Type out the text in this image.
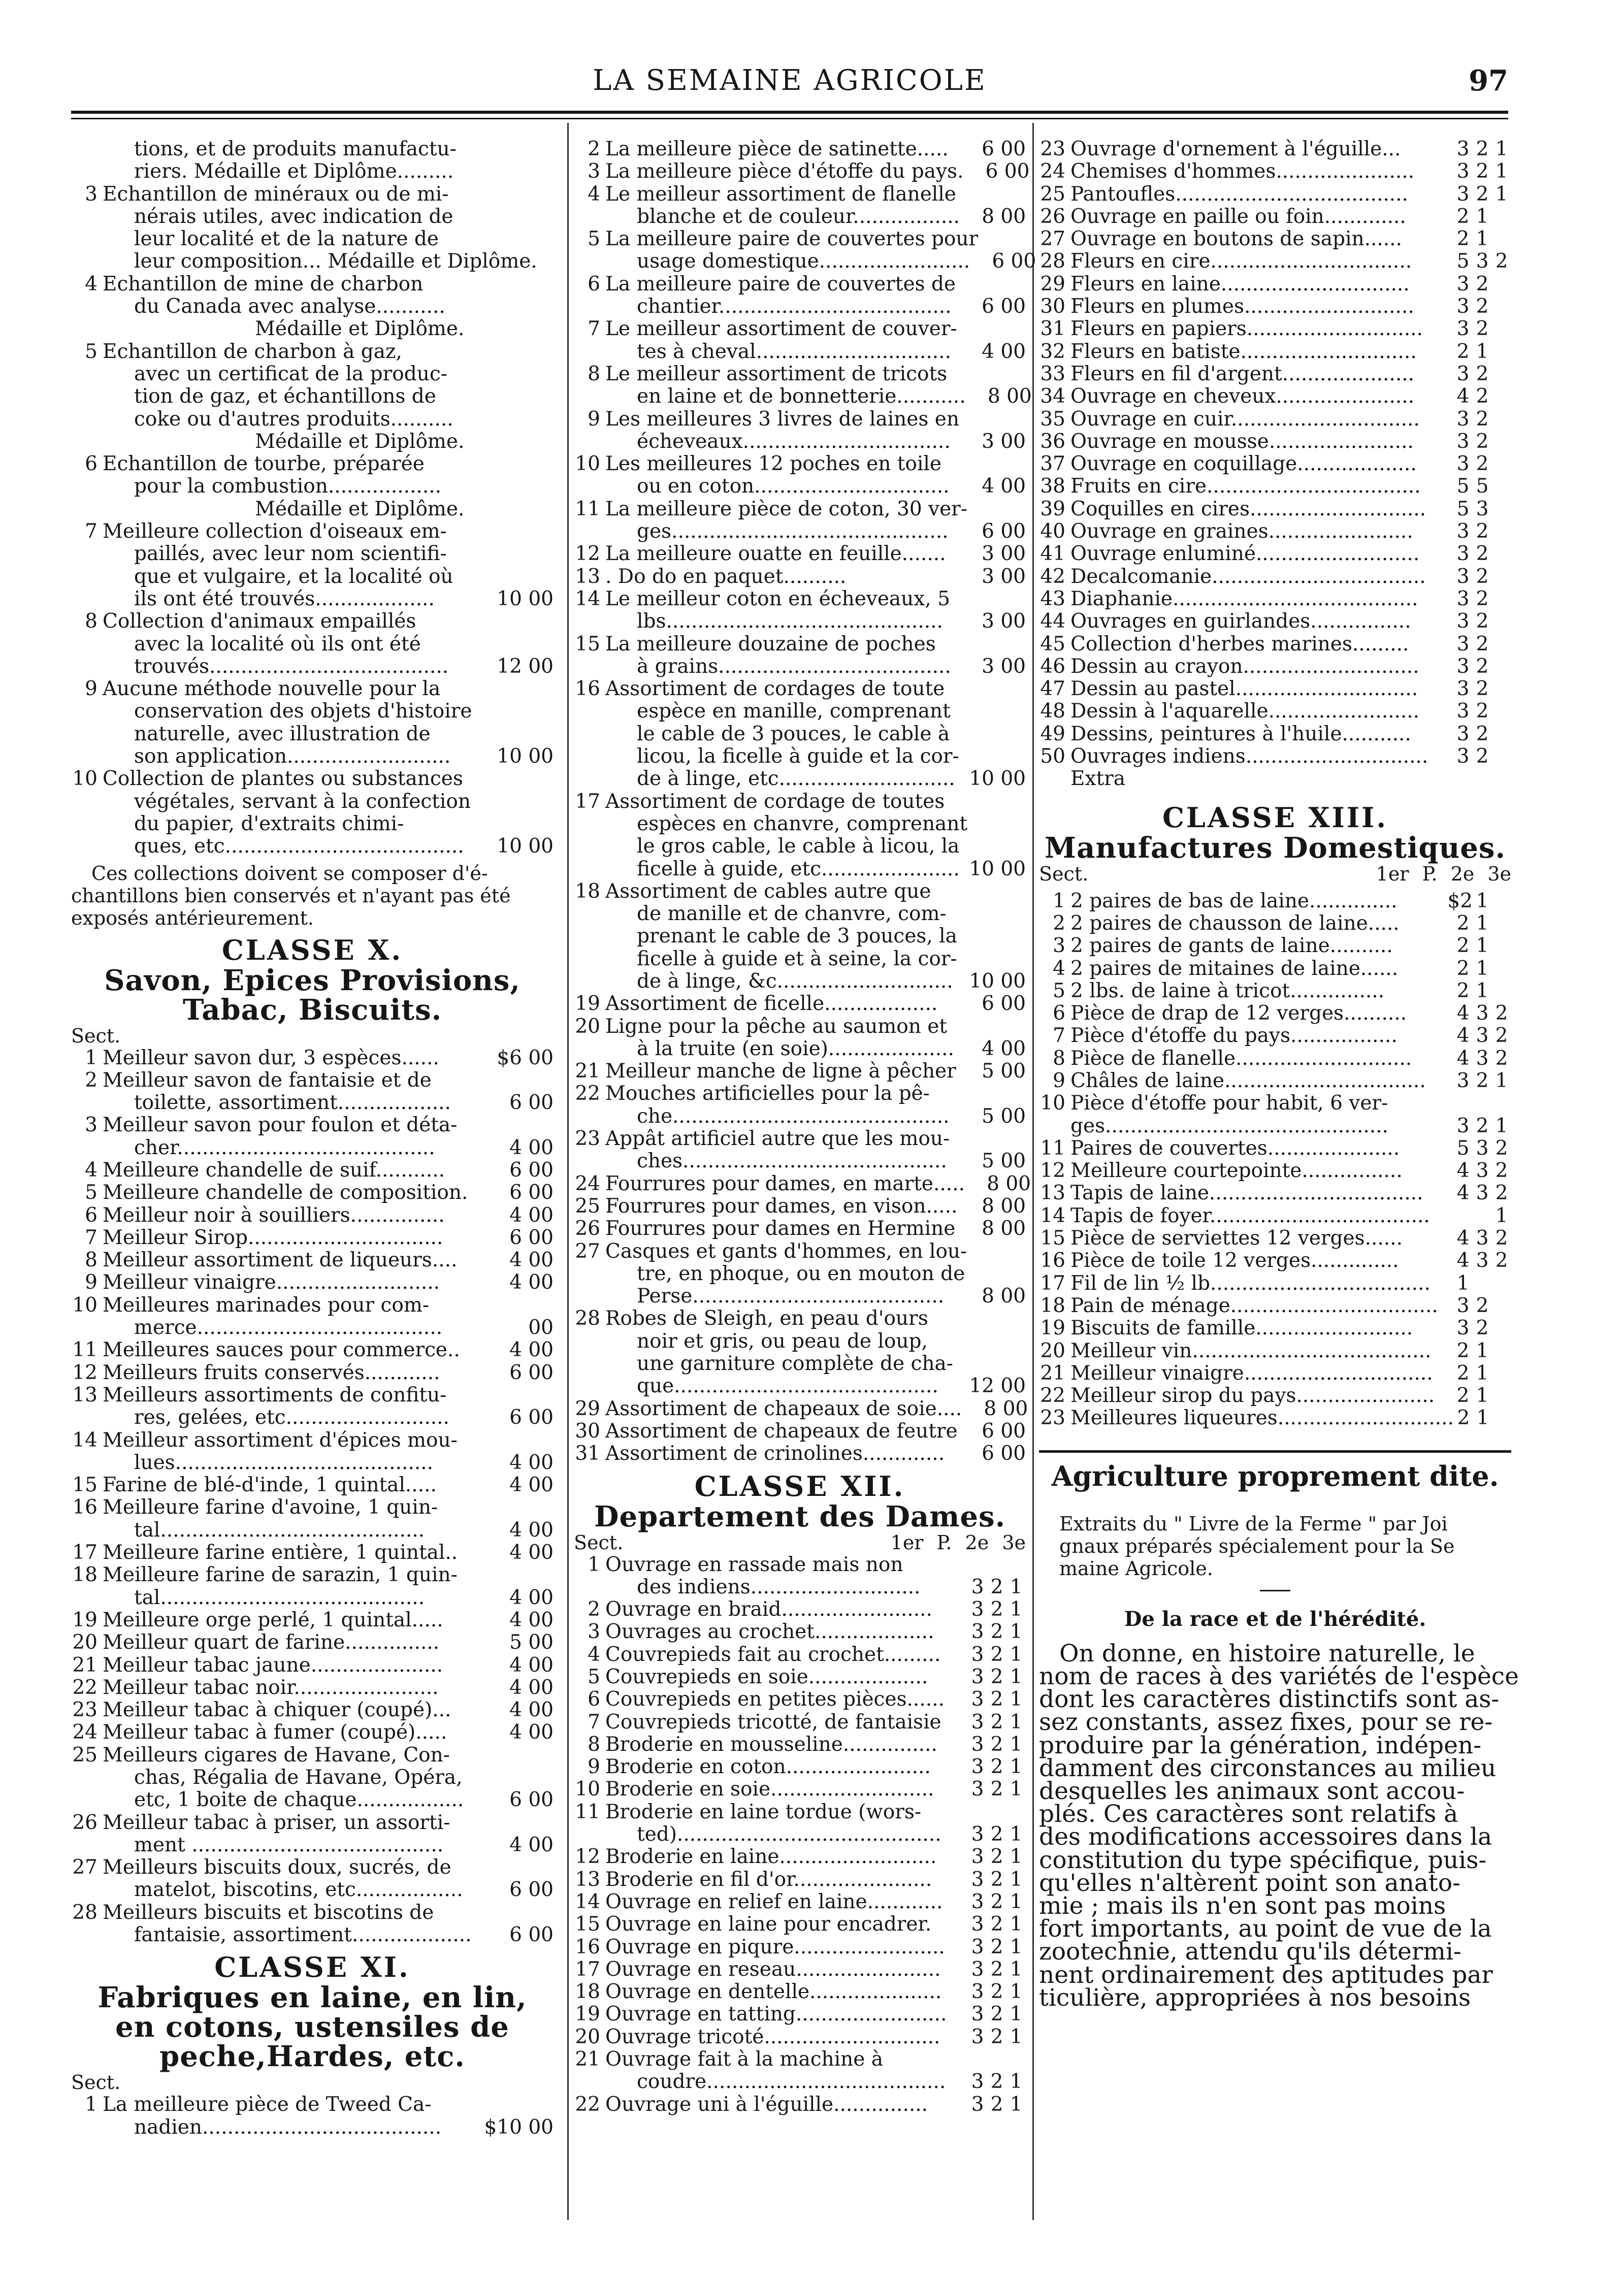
LA SEMAINE AGRICOLE	97
tions, et de produits manufactu-
riers. Médaille et Diplôme.........
3 Echantillon de minéraux ou de mi-
nérais utiles, avec indication de
leur localité et de la nature de
leur composition... Médaille et Diplôme.
4 Echantillon de mine de charbon
du Canada avec analyse...........
Médaille et Diplôme.
5 Echantillon de charbon à gaz,
avec un certificat de la produc-
tion de gaz, et échantillons de
coke ou d'autres produits..........
Médaille et Diplôme.
6 Echantillon de tourbe, préparée
pour la combustion..................
Médaille et Diplôme.
7 Meilleure collection d'oiseaux em-
paillés, avec leur nom scientifi-
que et vulgaire, et la localité où
ils ont été trouvés...................	10 00
8 Collection d'animaux empaillés
avec la localité où ils ont été
trouvés......................................	12 00
9 Aucune méthode nouvelle pour la
conservation des objets d'histoire
naturelle, avec illustration de
son application..........................	10 00
10 Collection de plantes ou substances
végétales, servant à la confection
du papier, d'extraits chimi-
ques, etc......................................	10 00
Ces collections doivent se composer d'é-
chantillons bien conservés et n'ayant pas été
exposés antérieurement.
CLASSE X.
Savon, Epices Provisions,
Tabac, Biscuits.
Sect.
1 Meilleur savon dur, 3 espèces......	$6 00
2 Meilleur savon de fantaisie et de
toilette, assortiment..................	6 00
3 Meilleur savon pour foulon et déta-
cher.........................................	4 00
4 Meilleure chandelle de suif...........	6 00
5 Meilleure chandelle de composition.	6 00
6 Meilleur noir à souilliers...............	4 00
7 Meilleur Sirop...............................	6 00
8 Meilleur assortiment de liqueurs....	4 00
9 Meilleur vinaigre..........................	4 00
10 Meilleures marinades pour com-
merce.......................................	00
11 Meilleures sauces pour commerce..	4 00
12 Meilleurs fruits conservés............	6 00
13 Meilleurs assortiments de confitu-
res, gelées, etc..........................	6 00
14 Meilleur assortiment d'épices mou-
lues.........................................	4 00
15 Farine de blé-d'inde, 1 quintal.....	4 00
16 Meilleure farine d'avoine, 1 quin-
tal..........................................	4 00
17 Meilleure farine entière, 1 quintal..	4 00
18 Meilleure farine de sarazin, 1 quin-
tal..........................................	4 00
19 Meilleure orge perlé, 1 quintal.....	4 00
20 Meilleur quart de farine...............	5 00
21 Meilleur tabac jaune.....................	4 00
22 Meilleur tabac noir.......................	4 00
23 Meilleur tabac à chiquer (coupé)...	4 00
24 Meilleur tabac à fumer (coupé).....	4 00
25 Meilleurs cigares de Havane, Con-
chas, Régalia de Havane, Opéra,
etc, 1 boite de chaque.................	6 00
26 Meilleur tabac à priser, un assorti-
ment ........................................	4 00
27 Meilleurs biscuits doux, sucrés, de
matelot, biscotins, etc.................	6 00
28 Meilleurs biscuits et biscotins de
fantaisie, assortiment...................	6 00
CLASSE XI.
Fabriques en laine, en lin,
en cotons, ustensiles de
peche,Hardes, etc.
Sect.
1 La meilleure pièce de Tweed Ca-
nadien......................................	$10 00
2 La meilleure pièce de satinette.....	6 00
3 La meilleure pièce d'étoffe du pays.	6 00
4 Le meilleur assortiment de flanelle
blanche et de couleur.................	8 00
5 La meilleure paire de couvertes pour
usage domestique........................	6 00
6 La meilleure paire de couvertes de
chantier.....................................	6 00
7 Le meilleur assortiment de couver-
tes à cheval...............................	4 00
8 Le meilleur assortiment de tricots
en laine et de bonnetterie...........	8 00
9 Les meilleures 3 livres de laines en
écheveaux.................................	3 00
10 Les meilleures 12 poches en toile
ou en coton...............................	4 00
11 La meilleure pièce de coton, 30 ver-
ges............................................	6 00
12 La meilleure ouatte en feuille.......	3 00
13 . Do do en paquet..........	3 00
14 Le meilleur coton en écheveaux, 5
lbs............................................	3 00
15 La meilleure douzaine de poches
à grains.....................................	3 00
16 Assortiment de cordages de toute
espèce en manille, comprenant
le cable de 3 pouces, le cable à
licou, la ficelle à guide et la cor-
de à linge, etc............................ 10 00
17 Assortiment de cordage de toutes
espèces en chanvre, comprenant
le gros cable, le cable à licou, la
ficelle à guide, etc...................... 10 00
18 Assortiment de cables autre que
de manille et de chanvre, com-
prenant le cable de 3 pouces, la
ficelle à guide et à seine, la cor-
de à linge, &c............................ 10 00
19 Assortiment de ficelle..................	6 00
20 Ligne pour la pêche au saumon et
à la truite (en soie)....................	4 00
21 Meilleur manche de ligne à pêcher	5 00
22 Mouches artificielles pour la pê-
che............................................	5 00
23 Appât artificiel autre que les mou-
ches..........................................	5 00
24 Fourrures pour dames, en marte.....	8 00
25 Fourrures pour dames, en vison.....	8 00
26 Fourrures pour dames en Hermine	8 00
27 Casques et gants d'hommes, en lou-
tre, en phoque, ou en mouton de
Perse........................................	8 00
28 Robes de Sleigh, en peau d'ours
noir et gris, ou peau de loup,
une garniture complète de cha-
que..........................................	12 00
29 Assortiment de chapeaux de soie....	8 00
30 Assortiment de chapeaux de feutre	6 00
31 Assortiment de crinolines.............	6 00
CLASSE XII.
Departement des Dames.
Sect.	1er P. 2e 3e
1 Ouvrage en rassade mais non
des indiens...........................	3 2 1
2 Ouvrage en braid........................	3 2 1
3 Ouvrages au crochet...................	3 2 1
4 Couvrepieds fait au crochet.........	3 2 1
5 Couvrepieds en soie...................	3 2 1
6 Couvrepieds en petites pièces......	3 2 1
7 Couvrepieds tricotté, de fantaisie	3 2 1
8 Broderie en mousseline...............	3 2 1
9 Broderie en coton.......................	3 2 1
10 Broderie en soie..........................	3 2 1
11 Broderie en laine tordue (wors-
ted)..........................................	3 2 1
12 Broderie en laine.........................	3 2 1
13 Broderie en fil d'or......................	3 2 1
14 Ouvrage en relief en laine............	3 2 1
15 Ouvrage en laine pour encadrer.	3 2 1
16 Ouvrage en piqure........................	3 2 1
17 Ouvrage en reseau.......................	3 2 1
18 Ouvrage en dentelle.....................	3 2 1
19 Ouvrage en tatting........................	3 2 1
20 Ouvrage tricoté............................	3 2 1
21 Ouvrage fait à la machine à
coudre......................................	3 2 1
22 Ouvrage uni à l'éguille...............	3 2 1
23 Ouvrage d'ornement à l'éguille...	3 2 1
24 Chemises d'hommes......................	3 2 1
25 Pantoufles.....................................	3 2 1
26 Ouvrage en paille ou foin.............	2 1
27 Ouvrage en boutons de sapin......	2 1
28 Fleurs en cire................................	5 3 2
29 Fleurs en laine..............................	3 2
30 Fleurs en plumes...........................	3 2
31 Fleurs en papiers............................	3 2
32 Fleurs en batiste............................	2 1
33 Fleurs en fil d'argent.....................	3 2
34 Ouvrage en cheveux......................	4 2
35 Ouvrage en cuir..............................	3 2
36 Ouvrage en mousse.......................	3 2
37 Ouvrage en coquillage...................	3 2
38 Fruits en cire..................................	5 5
39 Coquilles en cires............................	5 3
40 Ouvrage en graines.......................	3 2
41 Ouvrage enluminé..........................	3 2
42 Decalcomanie..................................	3 2
43 Diaphanie.......................................	3 2
44 Ouvrages en guirlandes................	3 2
45 Collection d'herbes marines.........	3 2
46 Dessin au crayon............................	3 2
47 Dessin au pastel.............................	3 2
48 Dessin à l'aquarelle........................	3 2
49 Dessins, peintures à l'huile...........	3 2
50 Ouvrages indiens.............................	3 2
Extra
CLASSE XIII.
Manufactures Domestiques.
Sect.	1er P. 2e 3e
1 2 paires de bas de laine..............	$2 1
2 2 paires de chausson de laine.....	2 1
3 2 paires de gants de laine..........	2 1
4 2 paires de mitaines de laine......	2 1
5 2 lbs. de laine à tricot...............	2 1
6 Pièce de drap de 12 verges..........	4 3 2
7 Pièce d'étoffe du pays.................	4 3 2
8 Pièce de flanelle............................	4 3 2
9 Châles de laine................................	3 2 1
10 Pièce d'étoffe pour habit, 6 ver-
ges.............................................	3 2 1
11 Paires de couvertes.....................	5 3 2
12 Meilleure courtepointe................	4 3 2
13 Tapis de laine..................................	4 3 2
14 Tapis de foyer...................................	1
15 Pièce de serviettes 12 verges......	4 3 2
16 Pièce de toile 12 verges..............	4 3 2
17 Fil de lin ½ lb...................................	1
18 Pain de ménage................................. 3 2
19 Biscuits de famille.........................	3 2
20 Meilleur vin......................................	2 1
21 Meilleur vinaigre..............................	2 1
22 Meilleur sirop du pays......................	2 1
23 Meilleures liqueures............................ 2 1
Agriculture proprement dite.
Extraits du " Livre de la Ferme " par Joi
gnaux préparés spécialement pour la Se
maine Agricole.
De la race et de l'hérédité.
On donne, en histoire naturelle, le
nom de races à des variétés de l'espèce
dont les caractères distinctifs sont as-
sez constants, assez fixes, pour se re-
produire par la génération, indépen-
damment des circonstances au milieu
desquelles les animaux sont accou-
plés. Ces caractères sont relatifs à
des modifications accessoires dans la
constitution du type spécifique, puis-
qu'elles n'altèrent point son anato-
mie ; mais ils n'en sont pas moins
fort importants, au point de vue de la
zootechnie, attendu qu'ils détermi-
nent ordinairement des aptitudes par
ticulière, appropriées à nos besoins
